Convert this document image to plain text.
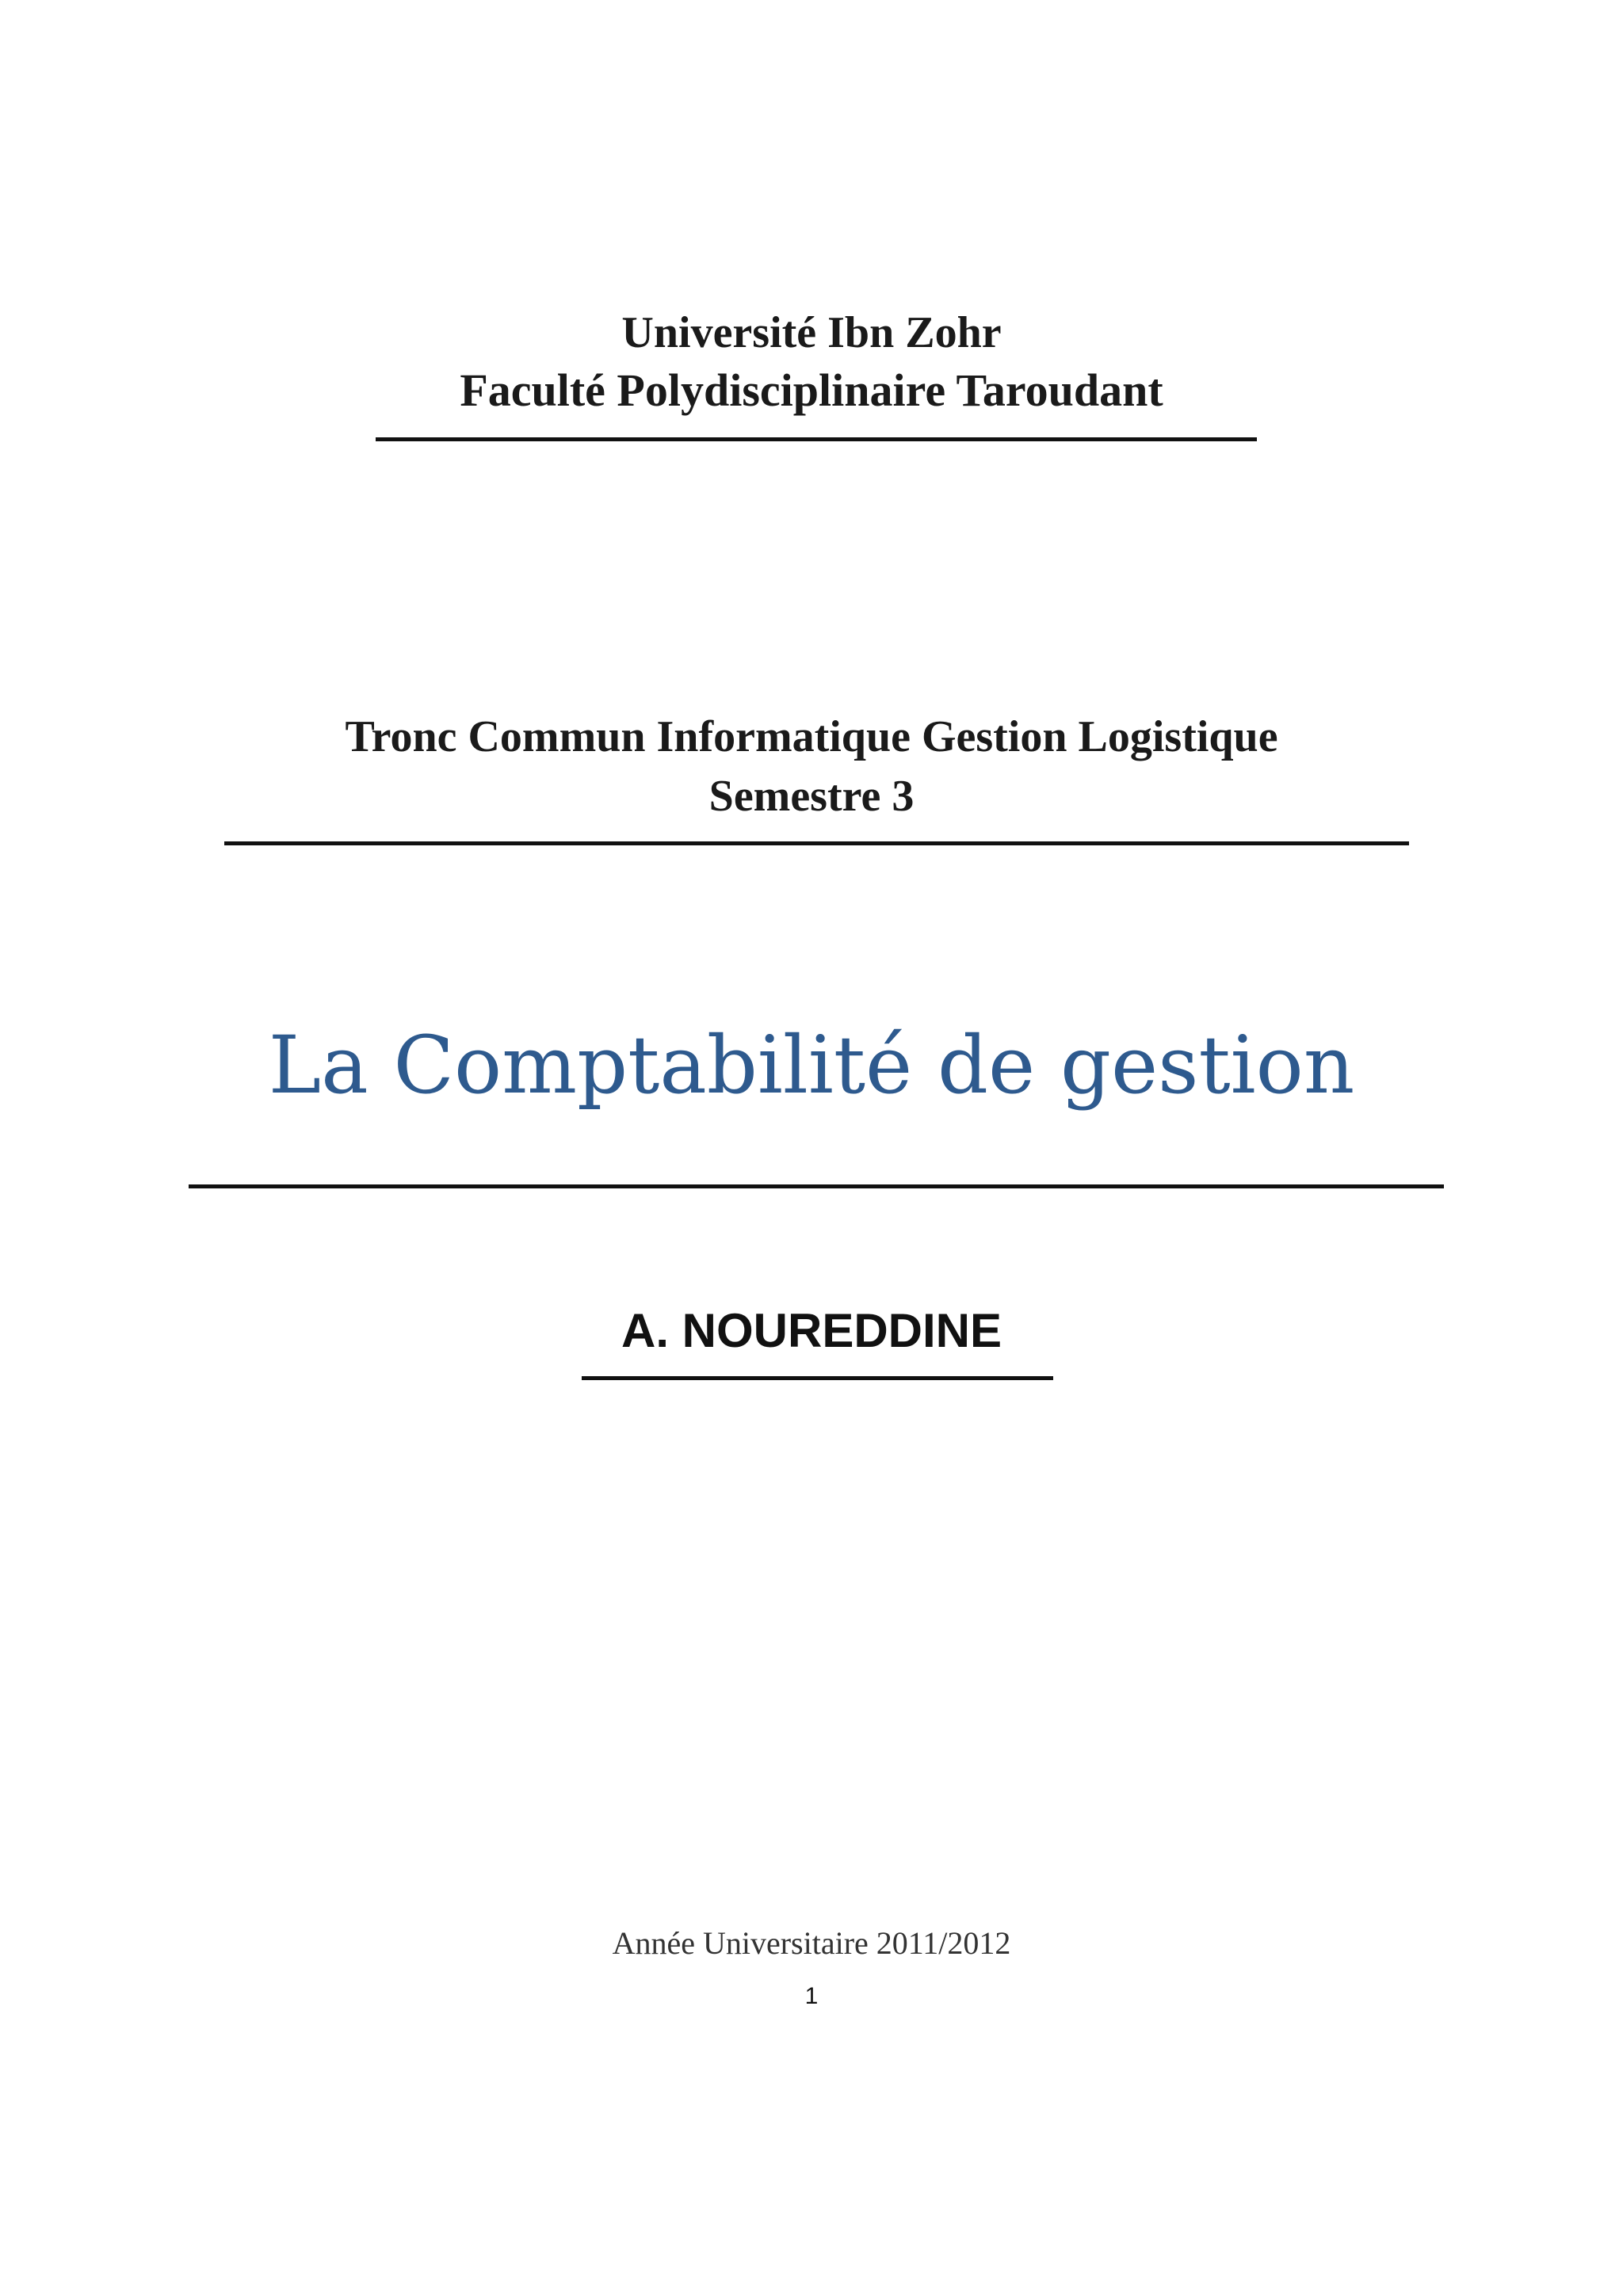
Université Ibn Zohr
Faculté Polydisciplinaire Taroudant
Tronc Commun Informatique Gestion Logistique
Semestre 3
La Comptabilité de gestion
A. NOUREDDINE
Année Universitaire 2011/2012
1
